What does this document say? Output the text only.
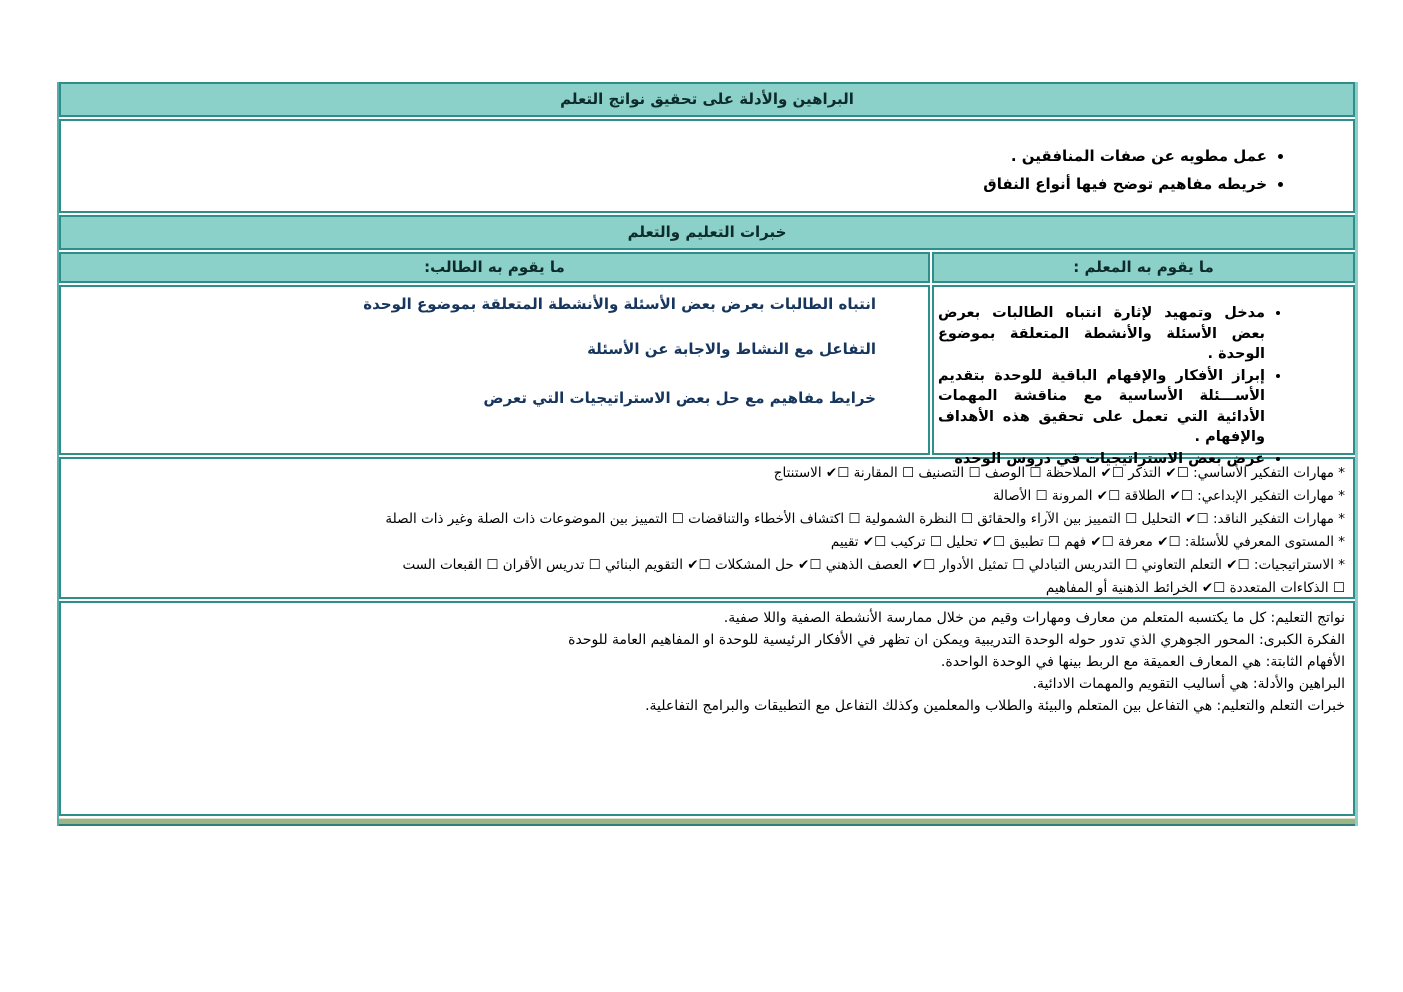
البراهين والأدلة على تحقيق نواتج التعلم
• عمل مطويه عن صفات المنافقين .
• خريطه مفاهيم توضح فيها أنواع النفاق
خبرات التعليم والتعلم
ما يقوم به المعلم :
ما يقوم به الطالب:
• مدخل وتمهيد لإثارة انتباه الطالبات بعرض بعض الأسئلة والأنشطة المتعلقة بموضوع الوحدة .
• إبراز الأفكار والإفهام الباقية للوحدة بتقديم الأســـئلة الأساسية مع مناقشة المهمات الأدائية التي تعمل على تحقيق هذه الأهداف والإفهام .
• عرض بعض الاستراتيجيات في دروس الوحده
انتباه الطالبات بعرض بعض الأسئلة والأنشطة المتعلقة بموضوع الوحدة
التفاعل مع النشاط والاجابة عن الأسئلة
خرايط مفاهيم مع حل بعض الاستراتيجيات التي تعرض
* مهارات التفكير الأساسي: ☐✔ التذكر ☐✔ الملاحظة ☐ الوصف ☐ التصنيف ☐ المقارنة ☐✔ الاستنتاج
* مهارات التفكير الإبداعي: ☐✔ الطلاقة ☐✔ المرونة ☐ الأصالة
* مهارات التفكير الناقد: ☐✔ التحليل ☐ التمييز بين الآراء والحقائق ☐ النظرة الشمولية ☐ اكتشاف الأخطاء والتناقضات ☐ التمييز بين الموضوعات ذات الصلة وغير ذات الصلة
* المستوى المعرفي للأسئلة: ☐✔ معرفة ☐✔ فهم ☐ تطبيق ☐✔ تحليل ☐ تركيب ☐✔ تقييم
* الاستراتيجيات: ☐✔ التعلم التعاوني ☐ التدريس التبادلي ☐ تمثيل الأدوار ☐✔ العصف الذهني ☐✔ حل المشكلات ☐✔ التقويم البنائي ☐ تدريس الأقران ☐ القبعات الست
☐ الذكاءات المتعددة ☐✔ الخرائط الذهنية أو المفاهيم
نواتج التعليم: كل ما يكتسبه المتعلم من معارف ومهارات وقيم من خلال ممارسة الأنشطة الصفية واللا صفية.
الفكرة الكبرى: المحور الجوهري الذي تدور حوله الوحدة التدريبية ويمكن ان تظهر في الأفكار الرئيسية للوحدة او المفاهيم العامة للوحدة
الأفهام الثابتة: هي المعارف العميقة مع الربط بينها في الوحدة الواحدة.
البراهين والأدلة: هي أساليب التقويم والمهمات الادائية.
خبرات التعلم والتعليم: هي التفاعل بين المتعلم والبيئة والطلاب والمعلمين وكذلك التفاعل مع التطبيقات والبرامج التفاعلية.
